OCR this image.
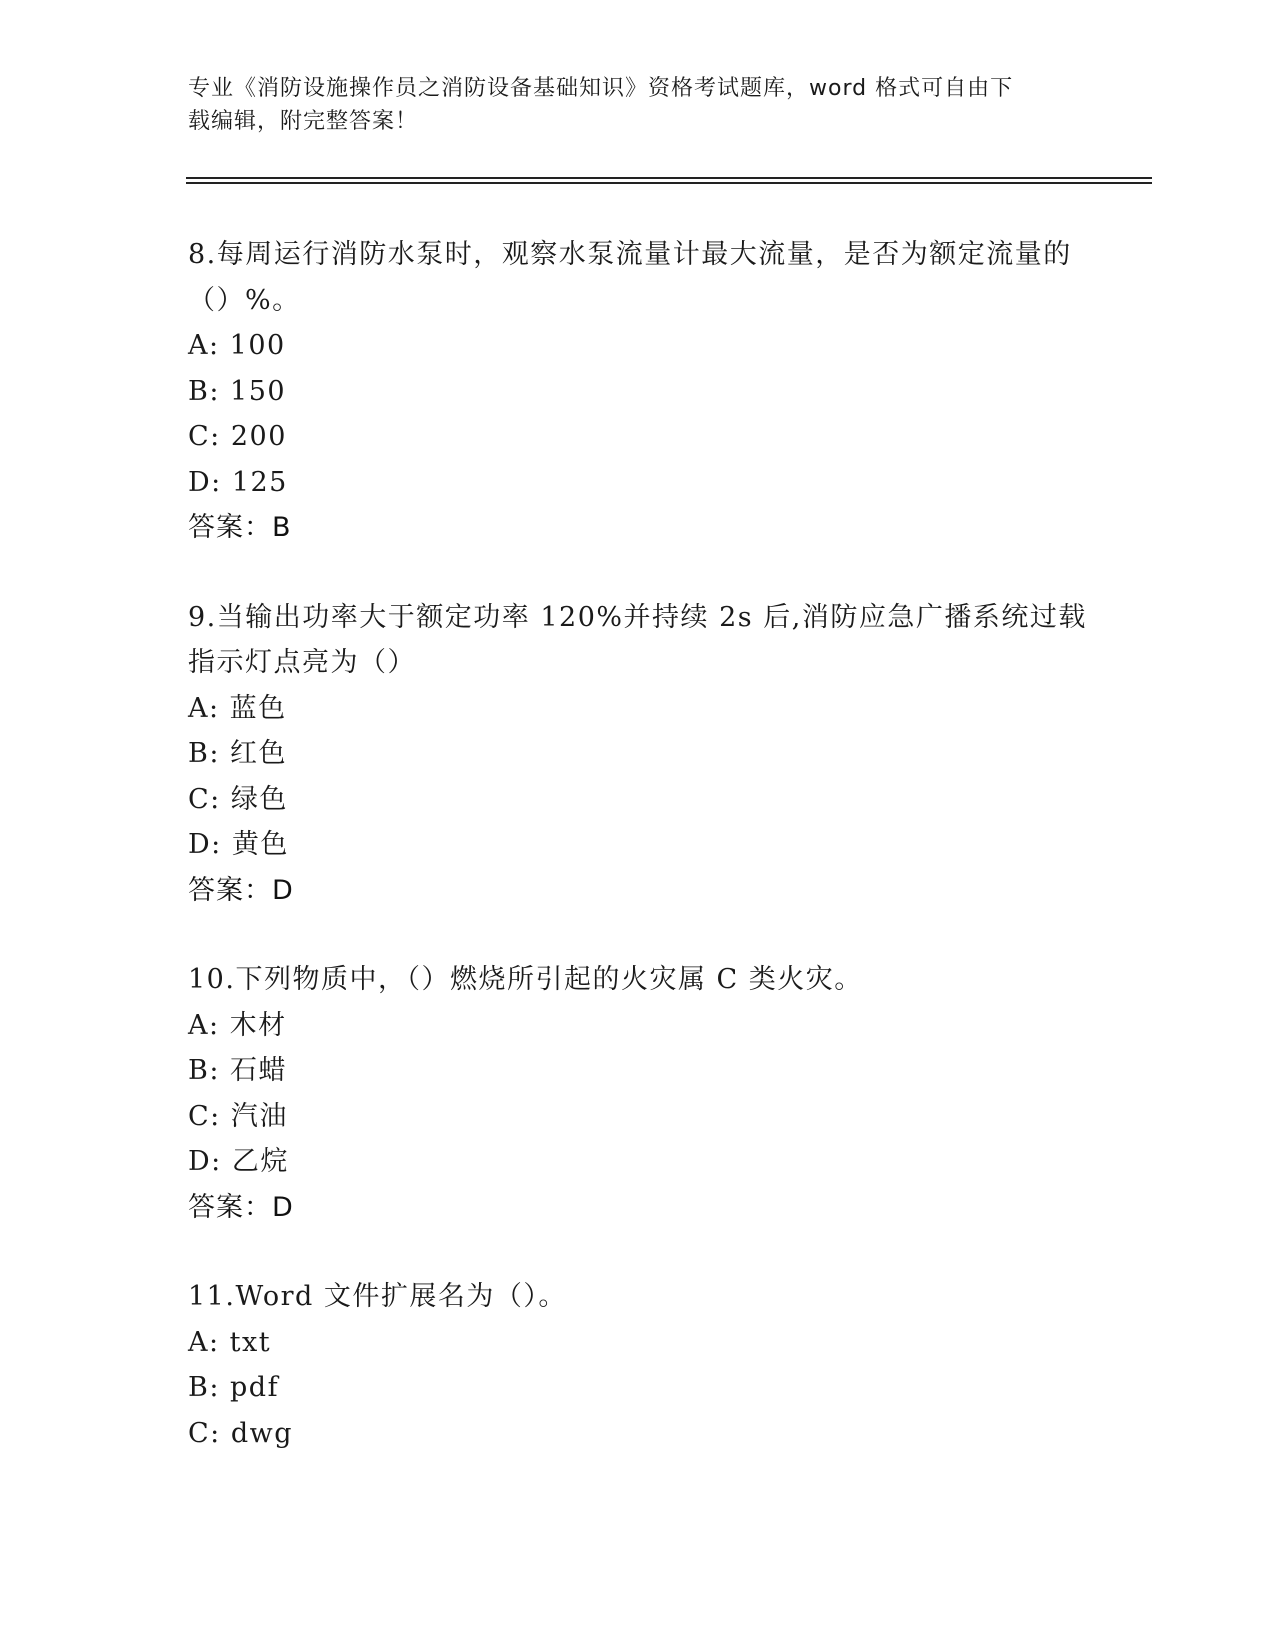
专业《消防设施操作员之消防设备基础知识》资格考试题库，word 格式可自由下
载编辑，附完整答案！
8.每周运行消防水泵时，观察水泵流量计最大流量，是否为额定流量的（）%。
A: 100
B: 150
C: 200
D: 125
答案：B
9.当输出功率大于额定功率 120%并持续 2s 后,消防应急广播系统过载指示灯点亮为（）
A: 蓝色
B: 红色
C: 绿色
D: 黄色
答案：D
10.下列物质中，（）燃烧所引起的火灾属 C 类火灾。
A: 木材
B: 石蜡
C: 汽油
D: 乙烷
答案：D
11.Word 文件扩展名为（）。
A: txt
B: pdf
C: dwg
